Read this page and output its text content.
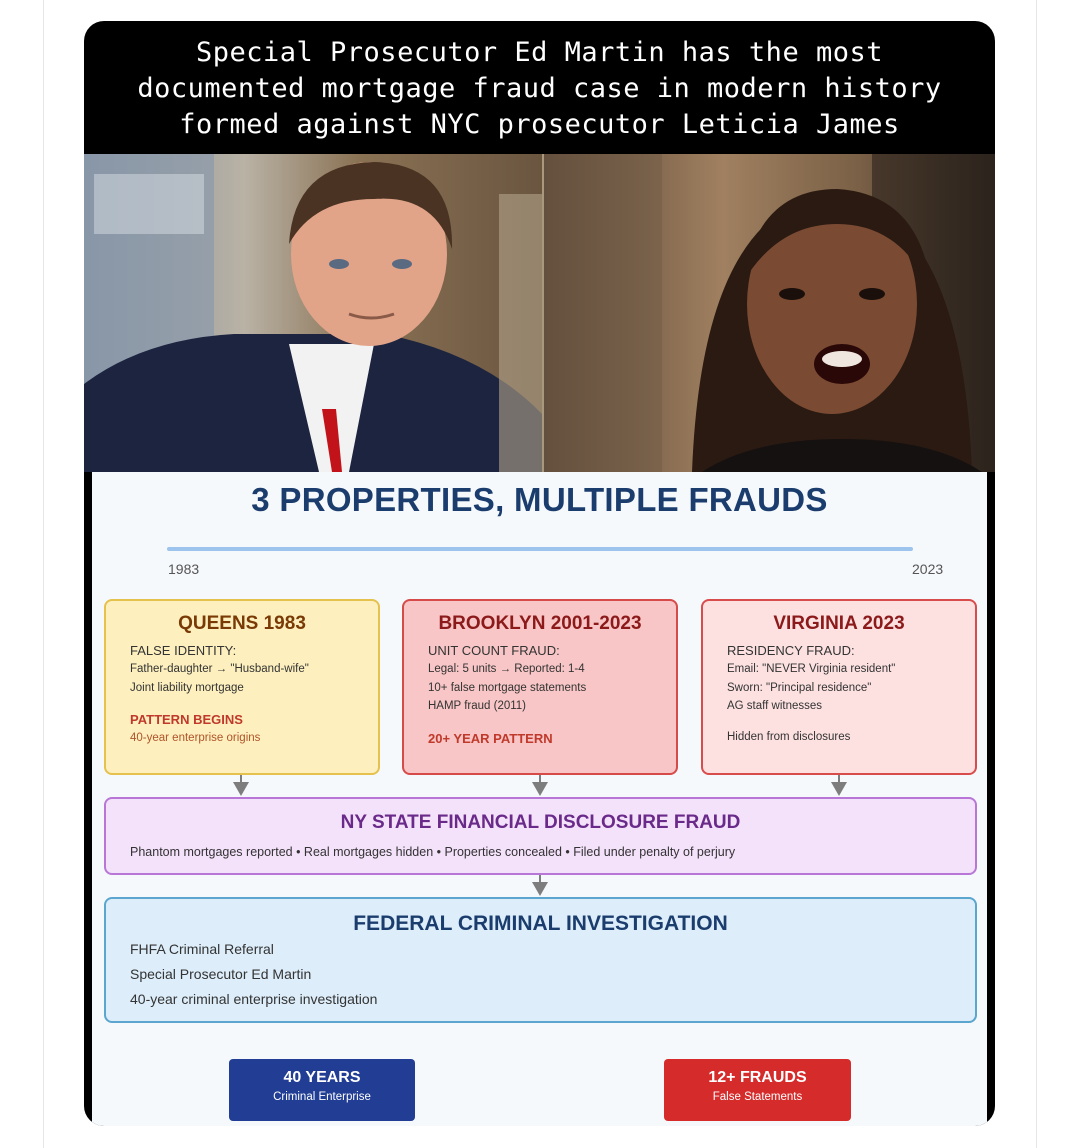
Special Prosecutor Ed Martin has the most
documented mortgage fraud case in modern history
formed against NYC prosecutor Leticia James
3 PROPERTIES, MULTIPLE FRAUDS
1983	2023
QUEENS 1983
FALSE IDENTITY:
Father-daughter → "Husband-wife"
Joint liability mortgage
PATTERN BEGINS
40-year enterprise origins
BROOKLYN 2001-2023
UNIT COUNT FRAUD:
Legal: 5 units → Reported: 1-4
10+ false mortgage statements
HAMP fraud (2011)
20+ YEAR PATTERN
VIRGINIA 2023
RESIDENCY FRAUD:
Email: "NEVER Virginia resident"
Sworn: "Principal residence"
AG staff witnesses
Hidden from disclosures
NY STATE FINANCIAL DISCLOSURE FRAUD
Phantom mortgages reported • Real mortgages hidden • Properties concealed • Filed under penalty of perjury
FEDERAL CRIMINAL INVESTIGATION
FHFA Criminal Referral
Special Prosecutor Ed Martin
40-year criminal enterprise investigation
40 YEARS
Criminal Enterprise
12+ FRAUDS
False Statements
